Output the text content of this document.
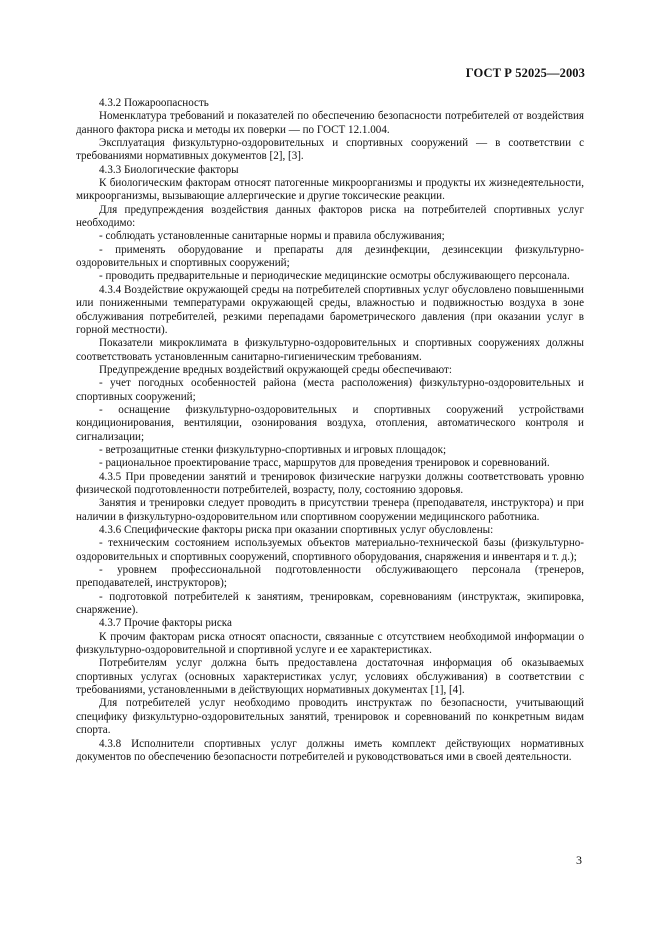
ГОСТ Р 52025—2003

4.3.2 Пожароопасность

Номенклатура требований и показателей по обеспечению безопасности потребителей от воздействия данного фактора риска и методы их поверки — по ГОСТ 12.1.004.

Эксплуатация физкультурно-оздоровительных и спортивных сооружений — в соответствии с требованиями нормативных документов [2], [3].

4.3.3 Биологические факторы

К биологическим факторам относят патогенные микроорганизмы и продукты их жизнедеятельности, микроорганизмы, вызывающие аллергические и другие токсические реакции.

Для предупреждения воздействия данных факторов риска на потребителей спортивных услуг необходимо:

- соблюдать установленные санитарные нормы и правила обслуживания;

- применять оборудование и препараты для дезинфекции, дезинсекции физкультурно-оздоровительных и спортивных сооружений;

- проводить предварительные и периодические медицинские осмотры обслуживающего персонала.

4.3.4 Воздействие окружающей среды на потребителей спортивных услуг обусловлено повышенными или пониженными температурами окружающей среды, влажностью и подвижностью воздуха в зоне обслуживания потребителей, резкими перепадами барометрического давления (при оказании услуг в горной местности).

Показатели микроклимата в физкультурно-оздоровительных и спортивных сооружениях должны соответствовать установленным санитарно-гигиеническим требованиям.

Предупреждение вредных воздействий окружающей среды обеспечивают:

- учет погодных особенностей района (места расположения) физкультурно-оздоровительных и спортивных сооружений;

- оснащение физкультурно-оздоровительных и спортивных сооружений устройствами кондиционирования, вентиляции, озонирования воздуха, отопления, автоматического контроля и сигнализации;

- ветрозащитные стенки физкультурно-спортивных и игровых площадок;

- рациональное проектирование трасс, маршрутов для проведения тренировок и соревнований.

4.3.5 При проведении занятий и тренировок физические нагрузки должны соответствовать уровню физической подготовленности потребителей, возрасту, полу, состоянию здоровья.

Занятия и тренировки следует проводить в присутствии тренера (преподавателя, инструктора) и при наличии в физкультурно-оздоровительном или спортивном сооружении медицинского работника.

4.3.6 Специфические факторы риска при оказании спортивных услуг обусловлены:

- техническим состоянием используемых объектов материально-технической базы (физкультурно-оздоровительных и спортивных сооружений, спортивного оборудования, снаряжения и инвентаря и т. д.);

- уровнем профессиональной подготовленности обслуживающего персонала (тренеров, преподавателей, инструкторов);

- подготовкой потребителей к занятиям, тренировкам, соревнованиям (инструктаж, экипировка, снаряжение).

4.3.7 Прочие факторы риска

К прочим факторам риска относят опасности, связанные с отсутствием необходимой информации о физкультурно-оздоровительной и спортивной услуге и ее характеристиках.

Потребителям услуг должна быть предоставлена достаточная информация об оказываемых спортивных услугах (основных характеристиках услуг, условиях обслуживания) в соответствии с требованиями, установленными в действующих нормативных документах [1], [4].

Для потребителей услуг необходимо проводить инструктаж по безопасности, учитывающий специфику физкультурно-оздоровительных занятий, тренировок и соревнований по конкретным видам спорта.

4.3.8 Исполнители спортивных услуг должны иметь комплект действующих нормативных документов по обеспечению безопасности потребителей и руководствоваться ими в своей деятельности.

3
